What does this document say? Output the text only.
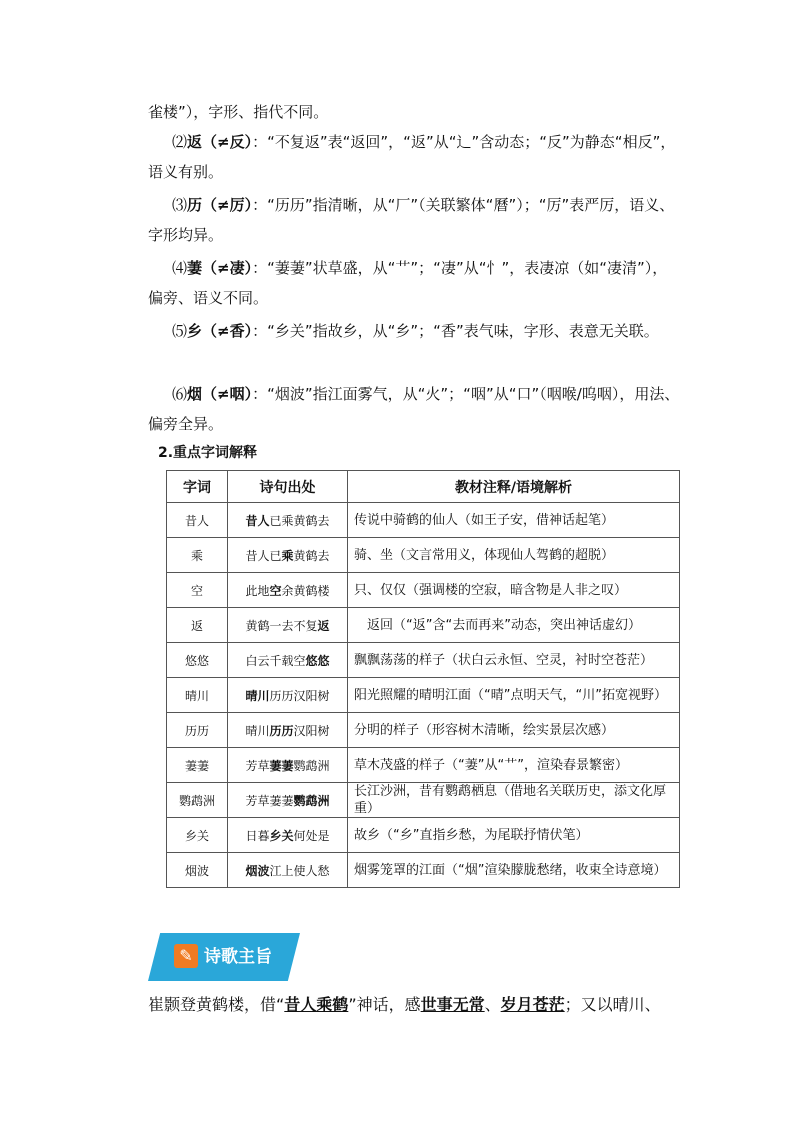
雀楼”），字形、指代不同。

⑵返（≠反）：“不复返”表“返回”，“返”从“辶”含动态；“反”为静态“相反”，语义有别。
⑶历（≠厉）：“历历”指清晰，从“厂”（关联繁体“曆”）；“厉”表严厉，语义、字形均异。
⑷萋（≠凄）：“萋萋”状草盛，从“艹”；“凄”从“忄”，表凄凉（如“凄清”），偏旁、语义不同。
⑸乡（≠香）：“乡关”指故乡，从“乡”；“香”表气味，字形、表意无关联。
⑹烟（≠咽）：“烟波”指江面雾气，从“火”；“咽”从“口”（咽喉/呜咽），用法、偏旁全异。
2.重点字词解释
字词	诗句出处	教材注释/语境解析
昔人	昔人已乘黄鹤去	传说中骑鹤的仙人（如王子安，借神话起笔）
乘	昔人已乘黄鹤去	骑、坐（文言常用义，体现仙人驾鹤的超脱）
空	此地空余黄鹤楼	只、仅仅（强调楼的空寂，暗含物是人非之叹）
返	黄鹤一去不复返	　返回（“返”含“去而再来”动态，突出神话虚幻）
悠悠	白云千载空悠悠	飘飘荡荡的样子（状白云永恒、空灵，衬时空苍茫）
晴川	晴川历历汉阳树	阳光照耀的晴明江面（“晴”点明天气，“川”拓宽视野）
历历	晴川历历汉阳树	分明的样子（形容树木清晰，绘实景层次感）
萋萋	芳草萋萋鹦鹉洲	草木茂盛的样子（“萋”从“艹”，渲染春景繁密）
鹦鹉洲	芳草萋萋鹦鹉洲	长江沙洲，昔有鹦鹉栖息（借地名关联历史，添文化厚重）
乡关	日暮乡关何处是	故乡（“乡”直指乡愁，为尾联抒情伏笔）
烟波	烟波江上使人愁	烟雾笼罩的江面（“烟”渲染朦胧愁绪，收束全诗意境）
✎ 诗歌主旨
崔颢登黄鹤楼，借“昔人乘鹤”神话，感世事无常、岁月苍茫；又以晴川、
